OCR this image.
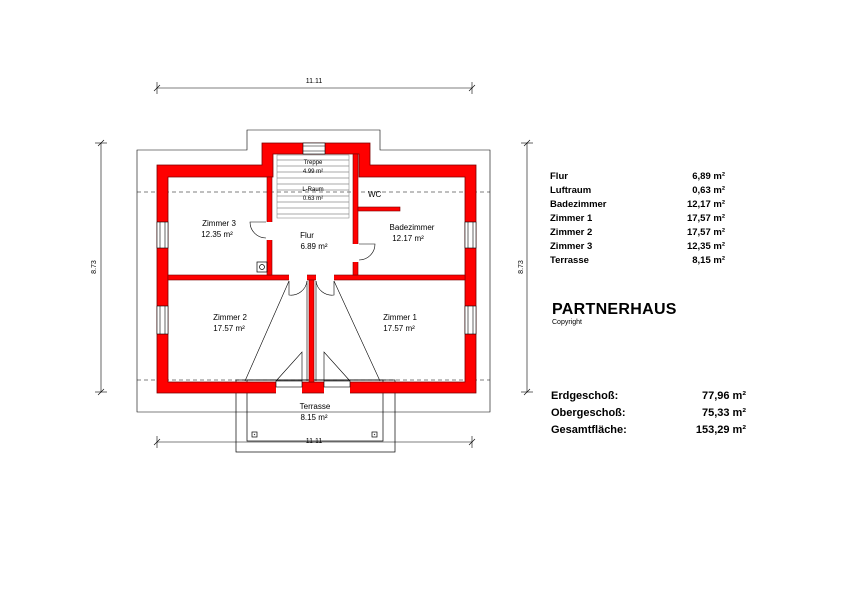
11.11
11.11
8.73	8.73
Treppe
4.99 m²
L-Raum
0.63 m²	WC
Zimmer 3
12.35 m²	Flur
6.89 m²
Badezimmer
12.17 m²
Zimmer 2
17.57 m²
Zimmer 1
17.57 m²
Terrasse
8.15 m²
Flur	6,89 m²
Luftraum	0,63 m²
Badezimmer	12,17 m²
Zimmer 1	17,57 m²
Zimmer 2	17,57 m²
Zimmer 3	12,35 m²
Terrasse	8,15 m²
PARTNERHAUS
Copyright
Erdgeschoß:	77,96 m²
Obergeschoß:	75,33 m²
Gesamtfläche:	153,29 m²
